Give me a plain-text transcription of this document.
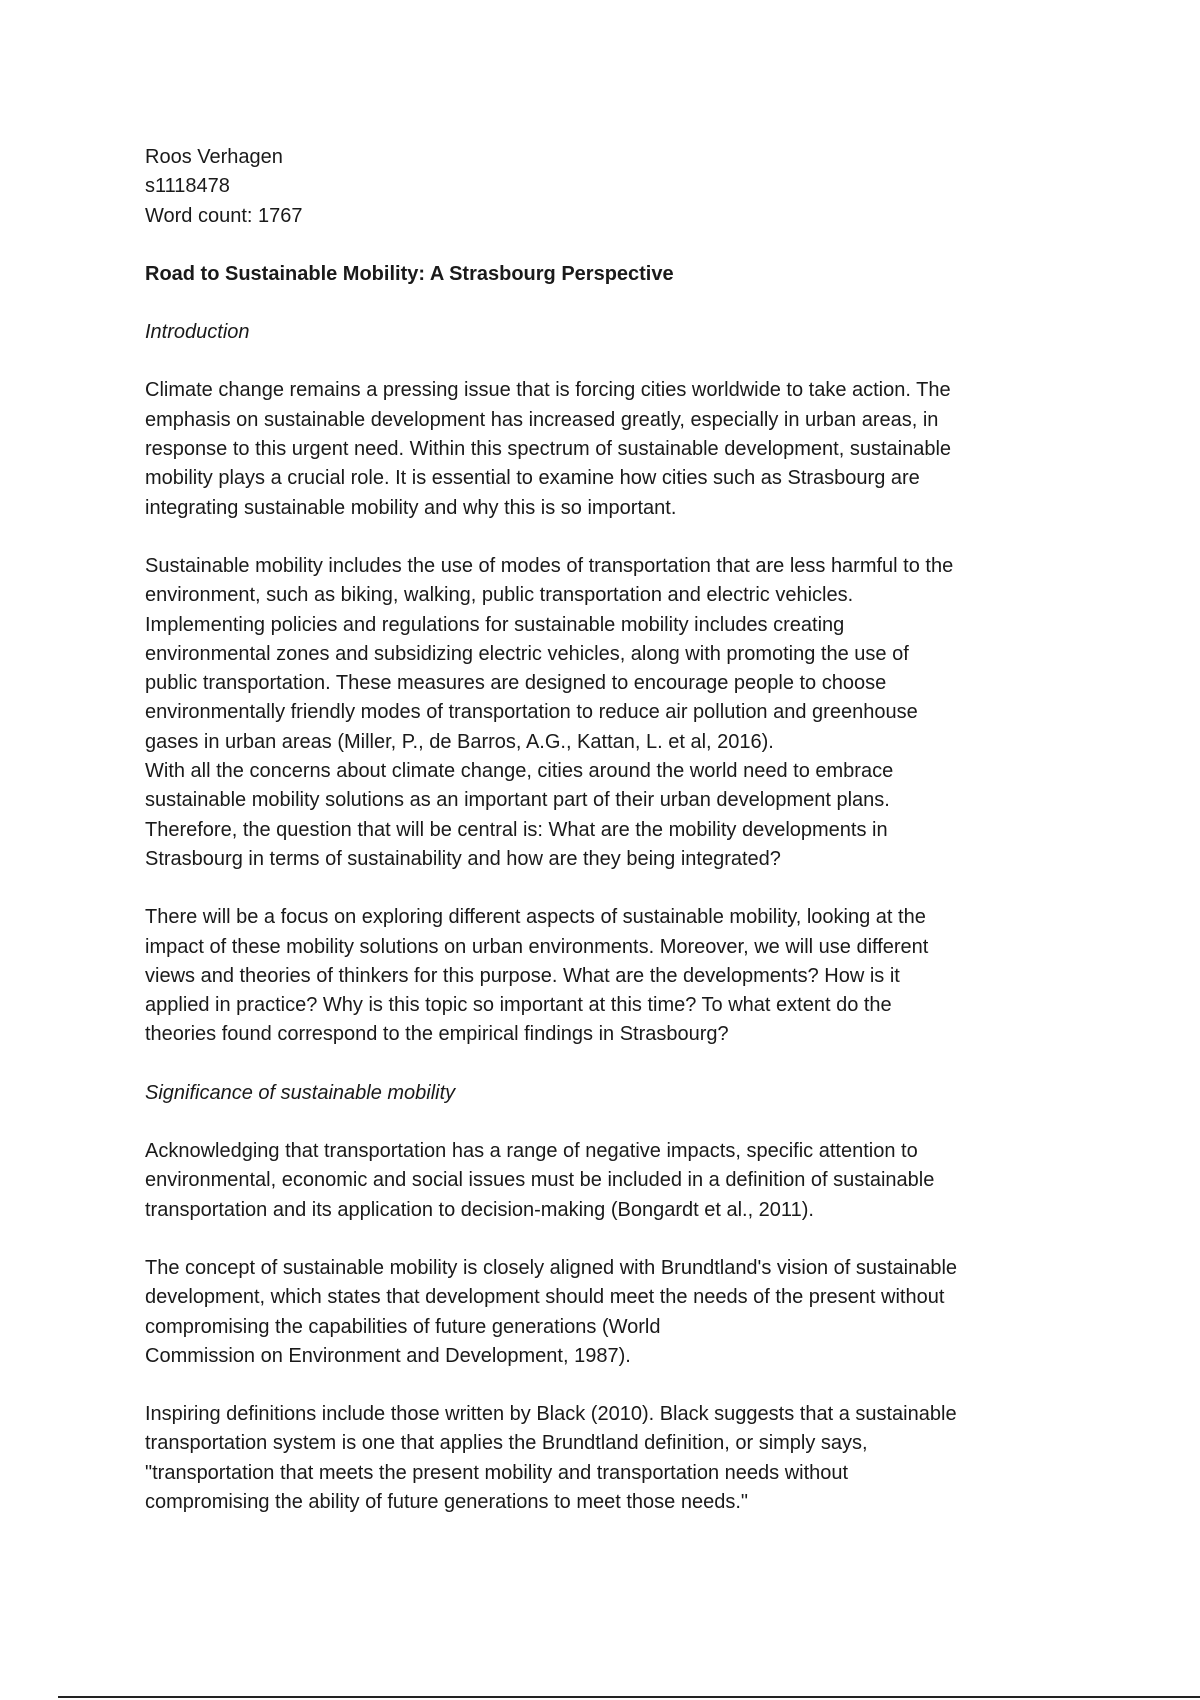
Roos Verhagen
s1118478
Word count: 1767
Road to Sustainable Mobility: A Strasbourg Perspective
Introduction
Climate change remains a pressing issue that is forcing cities worldwide to take action. The
emphasis on sustainable development has increased greatly, especially in urban areas, in
response to this urgent need. Within this spectrum of sustainable development, sustainable
mobility plays a crucial role. It is essential to examine how cities such as Strasbourg are
integrating sustainable mobility and why this is so important.
Sustainable mobility includes the use of modes of transportation that are less harmful to the
environment, such as biking, walking, public transportation and electric vehicles.
Implementing policies and regulations for sustainable mobility includes creating
environmental zones and subsidizing electric vehicles, along with promoting the use of
public transportation. These measures are designed to encourage people to choose
environmentally friendly modes of transportation to reduce air pollution and greenhouse
gases in urban areas (Miller, P., de Barros, A.G., Kattan, L. et al, 2016).
With all the concerns about climate change, cities around the world need to embrace
sustainable mobility solutions as an important part of their urban development plans.
Therefore, the question that will be central is: What are the mobility developments in
Strasbourg in terms of sustainability and how are they being integrated?
There will be a focus on exploring different aspects of sustainable mobility, looking at the
impact of these mobility solutions on urban environments. Moreover, we will use different
views and theories of thinkers for this purpose. What are the developments? How is it
applied in practice? Why is this topic so important at this time? To what extent do the
theories found correspond to the empirical findings in Strasbourg?
Significance of sustainable mobility
Acknowledging that transportation has a range of negative impacts, specific attention to
environmental, economic and social issues must be included in a definition of sustainable
transportation and its application to decision-making (Bongardt et al., 2011).
The concept of sustainable mobility is closely aligned with Brundtland's vision of sustainable
development, which states that development should meet the needs of the present without
compromising the capabilities of future generations (World
Commission on Environment and Development, 1987).
Inspiring definitions include those written by Black (2010). Black suggests that a sustainable
transportation system is one that applies the Brundtland definition, or simply says,
"transportation that meets the present mobility and transportation needs without
compromising the ability of future generations to meet those needs."
